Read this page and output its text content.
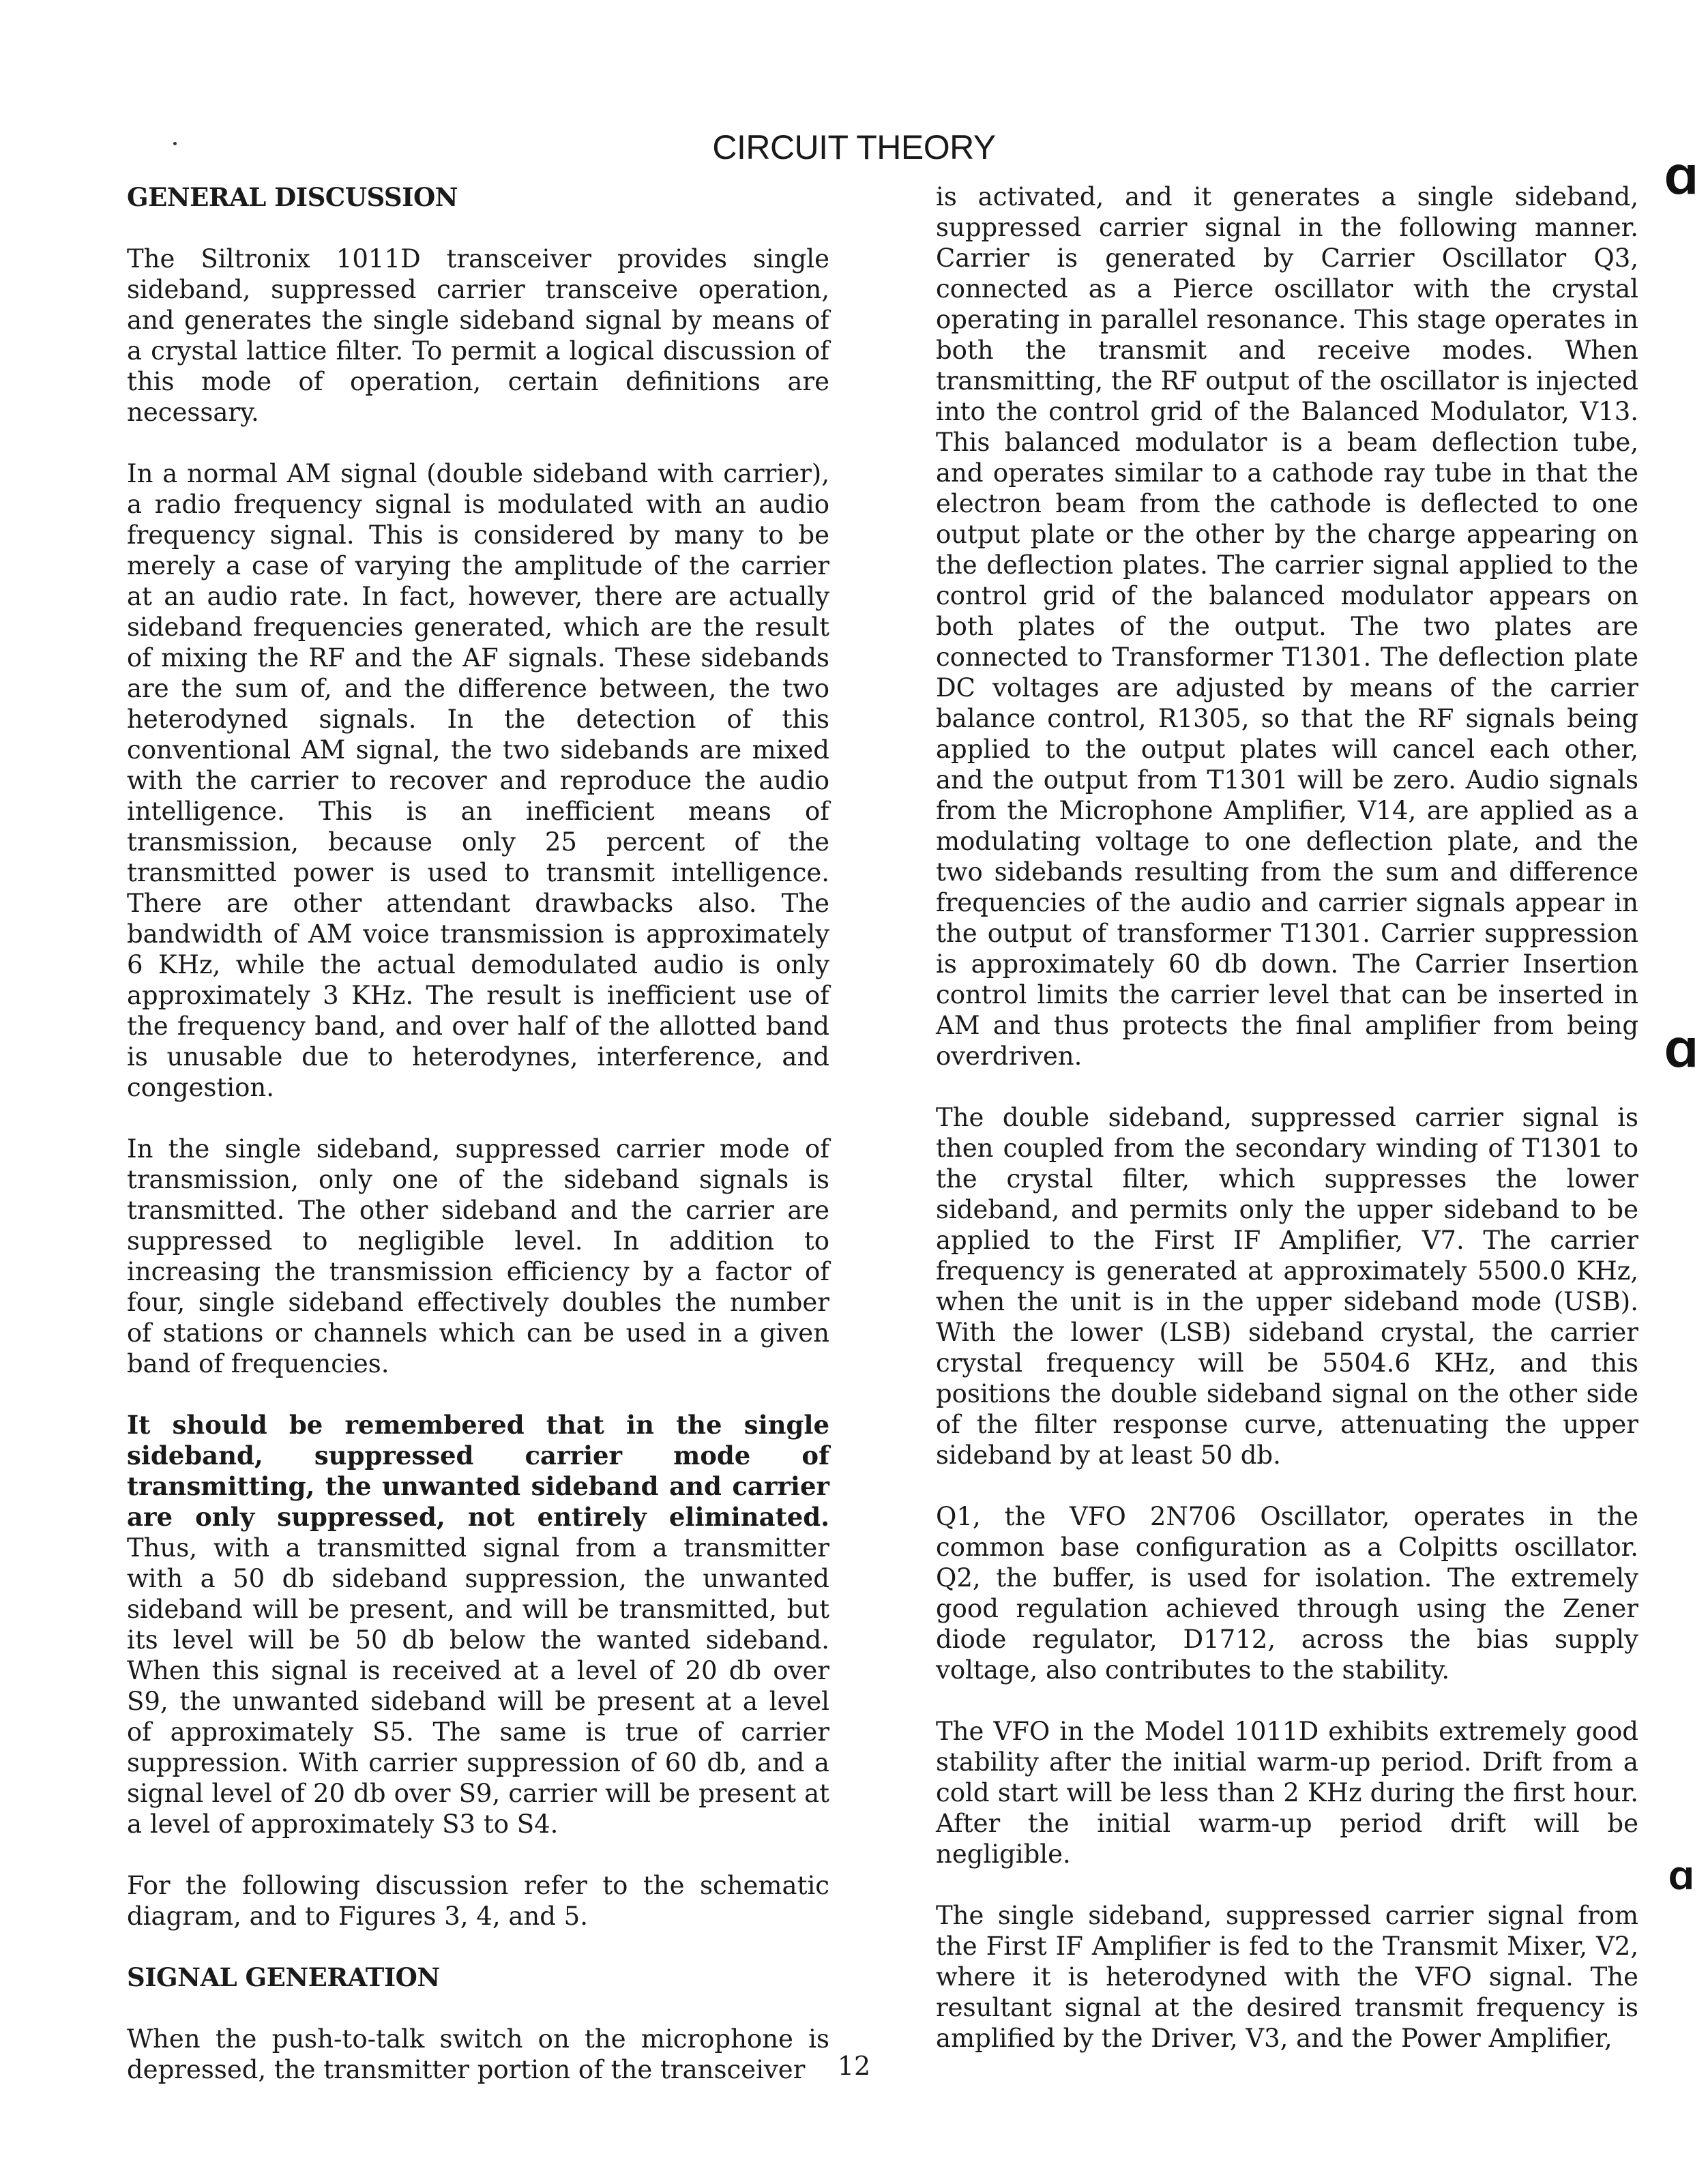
CIRCUIT THEORY
GENERAL DISCUSSION

The Siltronix 1011D transceiver provides single sideband, suppressed carrier transceive operation, and generates the single sideband signal by means of a crystal lattice filter. To permit a logical discussion of this mode of operation, certain definitions are necessary.

In a normal AM signal (double sideband with carrier), a radio frequency signal is modulated with an audio frequency signal. This is considered by many to be merely a case of varying the amplitude of the carrier at an audio rate. In fact, however, there are actually sideband frequencies generated, which are the result of mixing the RF and the AF signals. These sidebands are the sum of, and the difference between, the two heterodyned signals. In the detection of this conventional AM signal, the two sidebands are mixed with the carrier to recover and reproduce the audio intelligence. This is an inefficient means of transmission, because only 25 percent of the transmitted power is used to transmit intelligence. There are other attendant drawbacks also. The bandwidth of AM voice transmission is approximately 6 KHz, while the actual demodulated audio is only approximately 3 KHz. The result is inefficient use of the frequency band, and over half of the allotted band is unusable due to heterodynes, interference, and congestion.

In the single sideband, suppressed carrier mode of transmission, only one of the sideband signals is transmitted. The other sideband and the carrier are suppressed to negligible level. In addition to increasing the transmission efficiency by a factor of four, single sideband effectively doubles the number of stations or channels which can be used in a given band of frequencies.

It should be remembered that in the single sideband, suppressed carrier mode of transmitting, the unwanted sideband and carrier are only suppressed, not entirely eliminated. Thus, with a transmitted signal from a transmitter with a 50 db sideband suppression, the unwanted sideband will be present, and will be transmitted, but its level will be 50 db below the wanted sideband. When this signal is received at a level of 20 db over S9, the unwanted sideband will be present at a level of approximately S5. The same is true of carrier suppression. With carrier suppression of 60 db, and a signal level of 20 db over S9, carrier will be present at a level of approximately S3 to S4.

For the following discussion refer to the schematic diagram, and to Figures 3, 4, and 5.

SIGNAL GENERATION

When the push-to-talk switch on the microphone is depressed, the transmitter portion of the transceiver

is activated, and it generates a single sideband, suppressed carrier signal in the following manner. Carrier is generated by Carrier Oscillator Q3, connected as a Pierce oscillator with the crystal operating in parallel resonance. This stage operates in both the transmit and receive modes. When transmitting, the RF output of the oscillator is injected into the control grid of the Balanced Modulator, V13. This balanced modulator is a beam deflection tube, and operates similar to a cathode ray tube in that the electron beam from the cathode is deflected to one output plate or the other by the charge appearing on the deflection plates. The carrier signal applied to the control grid of the balanced modulator appears on both plates of the output. The two plates are connected to Transformer T1301. The deflection plate DC voltages are adjusted by means of the carrier balance control, R1305, so that the RF signals being applied to the output plates will cancel each other, and the output from T1301 will be zero. Audio signals from the Microphone Amplifier, V14, are applied as a modulating voltage to one deflection plate, and the two sidebands resulting from the sum and difference frequencies of the audio and carrier signals appear in the output of transformer T1301. Carrier suppression is approximately 60 db down. The Carrier Insertion control limits the carrier level that can be inserted in AM and thus protects the final amplifier from being overdriven.

The double sideband, suppressed carrier signal is then coupled from the secondary winding of T1301 to the crystal filter, which suppresses the lower sideband, and permits only the upper sideband to be applied to the First IF Amplifier, V7. The carrier frequency is generated at approximately 5500.0 KHz, when the unit is in the upper sideband mode (USB). With the lower (LSB) sideband crystal, the carrier crystal frequency will be 5504.6 KHz, and this positions the double sideband signal on the other side of the filter response curve, attenuating the upper sideband by at least 50 db.

Q1, the VFO 2N706 Oscillator, operates in the common base configuration as a Colpitts oscillator. Q2, the buffer, is used for isolation. The extremely good regulation achieved through using the Zener diode regulator, D1712, across the bias supply voltage, also contributes to the stability.

The VFO in the Model 1011D exhibits extremely good stability after the initial warm-up period. Drift from a cold start will be less than 2 KHz during the first hour. After the initial warm-up period drift will be negligible.

The single sideband, suppressed carrier signal from the First IF Amplifier is fed to the Transmit Mixer, V2, where it is heterodyned with the VFO signal. The resultant signal at the desired transmit frequency is amplified by the Driver, V3, and the Power Amplifier,

12
Ɑ
Ɑ
Ɑ
